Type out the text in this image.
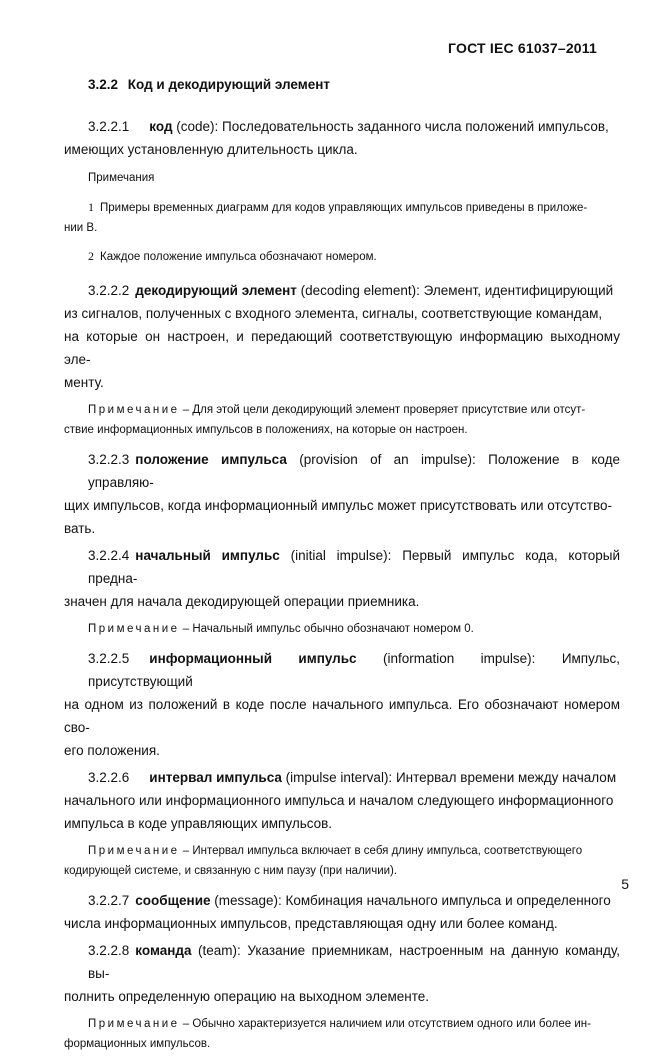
ГОСТ IEC 61037–2011
3.2.2 Код и декодирующий элемент
3.2.2.1 код (code): Последовательность заданного числа положений импульсов,
имеющих установленную длительность цикла.
Примечания
1 Примеры временных диаграмм для кодов управляющих импульсов приведены в приложе-
нии В.
2 Каждое положение импульса обозначают номером.
3.2.2.2 декодирующий элемент (decoding element): Элемент, идентифицирующий
из сигналов, полученных с входного элемента, сигналы, соответствующие командам,
на которые он настроен, и передающий соответствующую информацию выходному эле-
менту.
Примечание – Для этой цели декодирующий элемент проверяет присутствие или отсут-
ствие информационных импульсов в положениях, на которые он настроен.
3.2.2.3 положение импульса (provision of an impulse): Положение в коде управляю-
щих импульсов, когда информационный импульс может присутствовать или отсутство-
вать.
3.2.2.4 начальный импульс (initial impulse): Первый импульс кода, который предна-
значен для начала декодирующей операции приемника.
Примечание – Начальный импульс обычно обозначают номером 0.
3.2.2.5 информационный импульс (information impulse): Импульс, присутствующий
на одном из положений в коде после начального импульса. Его обозначают номером сво-
его положения.
3.2.2.6 интервал импульса (impulse interval): Интервал времени между началом
начального или информационного импульса и началом следующего информационного
импульса в коде управляющих импульсов.
Примечание – Интервал импульса включает в себя длину импульса, соответствующего
кодирующей системе, и связанную с ним паузу (при наличии).
3.2.2.7 сообщение (message): Комбинация начального импульса и определенного
числа информационных импульсов, представляющая одну или более команд.
3.2.2.8 команда (team): Указание приемникам, настроенным на данную команду, вы-
полнить определенную операцию на выходном элементе.
Примечание – Обычно характеризуется наличием или отсутствием одного или более ин-
формационных импульсов.
5
